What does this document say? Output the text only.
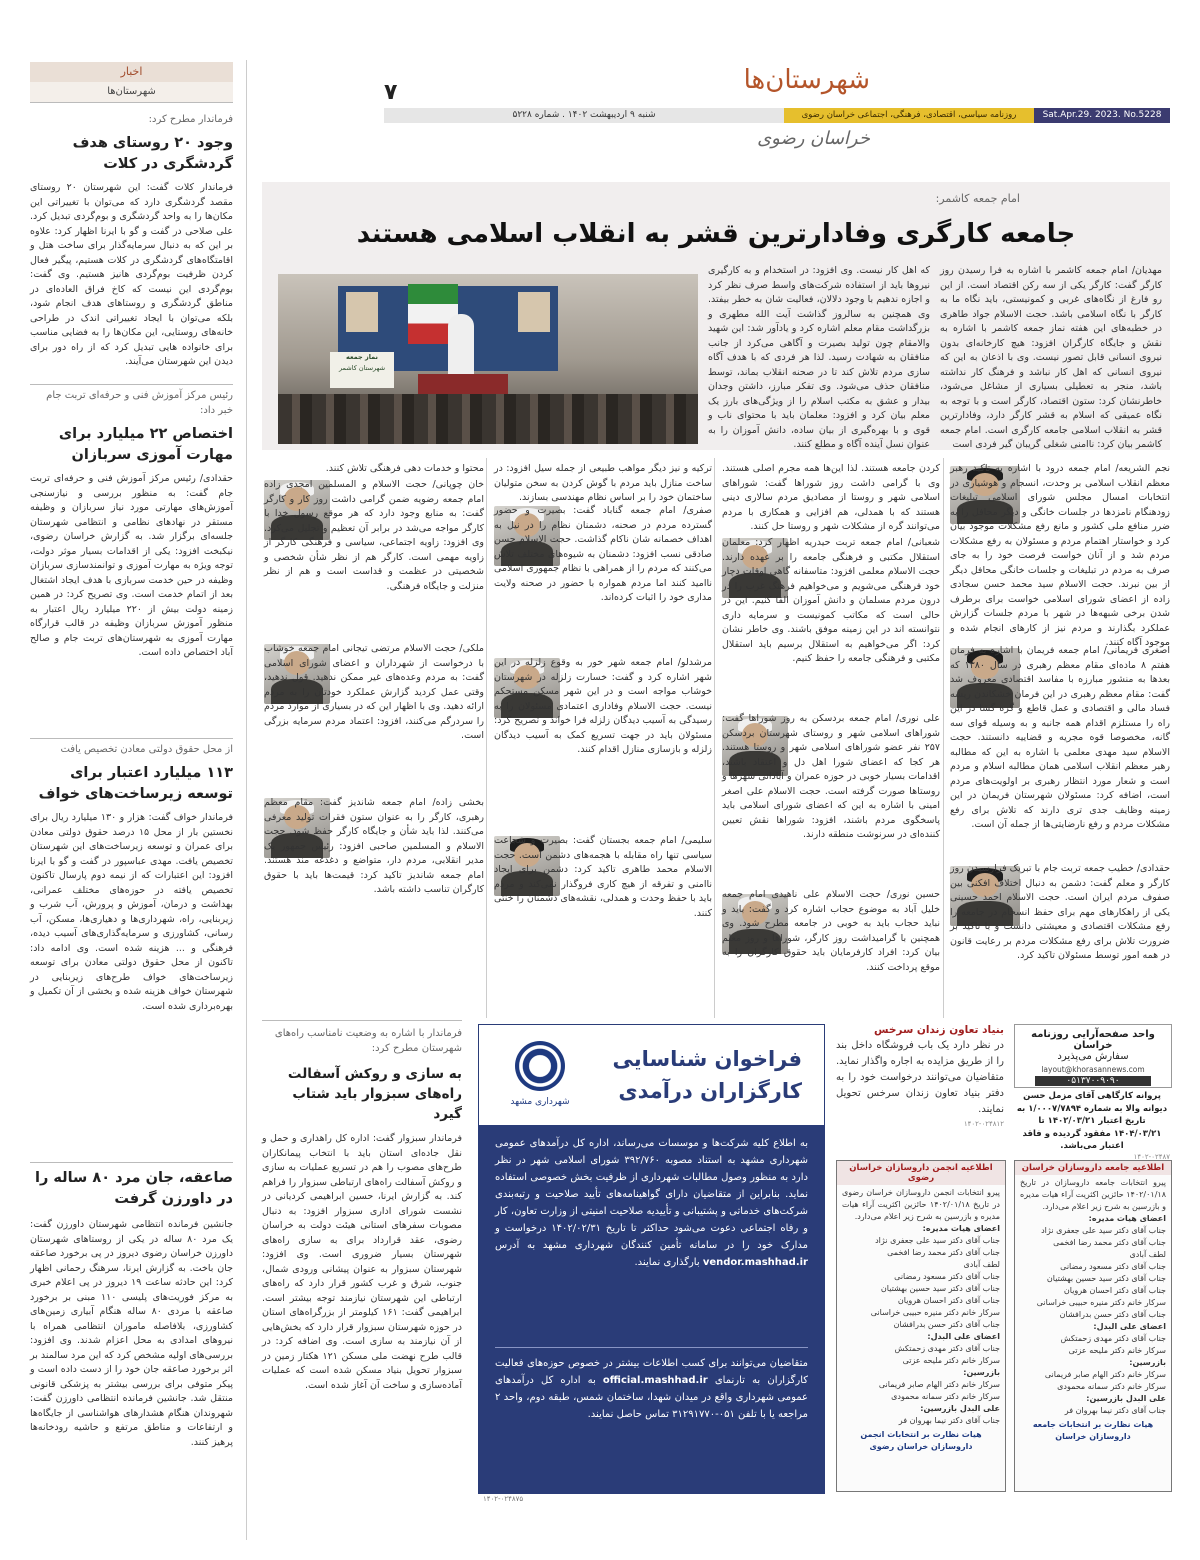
اخبار
شهرستان‌ها
فرماندار مطرح کرد:
وجود ۲۰ روستای هدف گردشگری در کلات
فرماندار کلات گفت: این شهرستان ۲۰ روستای مقصد گردشگری دارد که می‌توان با تغییراتی این مکان‌ها را به واحد گردشگری و بوم‌گردی تبدیل کرد. علی صلاحی در گفت و گو با ایرنا اظهار کرد: علاوه بر این که به دنبال سرمایه‌گذار برای ساخت هتل و اقامتگاه‌های گردشگری در کلات هستیم، پیگیر فعال کردن ظرفیت بوم‌گردی هانیز هستیم. وی گفت: بوم‌گردی این نیست که کاخ فراق العاده‌ای در مناطق گردشگری و روستاهای هدف انجام شود، بلکه می‌توان با ایجاد تغییراتی اندک در طراحی خانه‌های روستایی، این مکان‌ها را به فضایی مناسب برای خانواده هایی تبدیل کرد که از راه دور برای دیدن این شهرستان می‌آیند.
رئیس مرکز آموزش فنی و حرفه‌ای تربت جام خبر داد:
اختصاص ۲۲ میلیارد برای مهارت آموزی سربازان
حقدادی/ رئیس مرکز آموزش فنی و حرفه‌ای تربت جام گفت: به منظور بررسی و نیازسنجی آموزش‌های مهارتی مورد نیاز سربازان و وظیفه مستقر در نهادهای نظامی و انتظامی شهرستان جلسه‌ای برگزار شد. به گزارش خراسان رضوی، نیکبخت افزود: یکی از اقدامات بسیار موثر دولت، توجه ویژه به مهارت آموزی و توانمندسازی سربازان وظیفه در حین خدمت سربازی با هدف ایجاد اشتغال بعد از اتمام خدمت است. وی تصریح کرد: در همین زمینه دولت بیش از ۲۲۰ میلیارد ریال اعتبار به منظور آموزش سربازان وظیفه در قالب قرارگاه مهارت آموزی به شهرستان‌های تربت جام و صالح آباد اختصاص داده است.
از محل حقوق دولتی معادن تخصیص یافت
۱۱۳ میلیارد اعتبار برای توسعه زیرساخت‌های خواف
فرماندار خواف گفت: هزار و ۱۳۰ میلیارد ریال برای نخستین بار از محل ۱۵ درصد حقوق دولتی معادن برای عمران و توسعه زیرساخت‌های این شهرستان تخصیص یافت. مهدی عباسپور در گفت و گو با ایرنا افزود: این اعتبارات که از نیمه دوم پارسال تاکنون تخصیص یافته در حوزه‌های مختلف عمرانی، بهداشت و درمان، آموزش و پرورش، آب شرب و زیربنایی، راه، شهرداری‌ها و دهیاری‌ها، مسکن، آب رسانی، کشاورزی و سرمایه‌گذاری‌های آسیب دیده، فرهنگی و ... هزینه شده است. وی ادامه داد: تاکنون از محل حقوق دولتی معادن برای توسعه زیرساخت‌های خواف طرح‌های زیربنایی در شهرستان خواف هزینه شده و بخشی از آن تکمیل و بهره‌برداری شده است.
صاعقه، جان مرد ۸۰ ساله را در داورزن گرفت
جانشین فرمانده انتظامی شهرستان داورزن گفت: یک مرد ۸۰ ساله در یکی از روستاهای شهرستان داورزن خراسان رضوی دیروز در پی برخورد صاعقه جان باخت. به گزارش ایرنا، سرهنگ رحمانی اظهار کرد: این حادثه ساعت ۱۹ دیروز در پی اعلام خبری به مرکز فوریت‌های پلیسی ۱۱۰ مبنی بر برخورد صاعقه با مردی ۸۰ ساله هنگام آبیاری زمین‌های کشاورزی، بلافاصله ماموران انتظامی همراه با نیروهای امدادی به محل اعزام شدند. وی افزود: بررسی‌های اولیه مشخص کرد که این مرد سالمند بر اثر برخورد صاعقه جان خود را از دست داده است و پیکر متوفی برای بررسی بیشتر به پزشکی قانونی منتقل شد. جانشین فرمانده انتظامی داورزن گفت: شهروندان هنگام هشدارهای هواشناسی از جایگاه‌ها و ارتفاعات و مناطق مرتفع و حاشیه رودخانه‌ها پرهیز کنند.
شهرستان‌ها
۷
Sat.Apr.29. 2023. No.5228
روزنامه سیاسی، اقتصادی، فرهنگی، اجتماعی خراسان رضوی
شنبه ۹ اردیبهشت ۱۴۰۲ . شماره ۵۲۲۸
خراسان رضوی
امام جمعه کاشمر:
جامعه کارگری وفادارترین قشر به انقلاب اسلامی هستند
مهدیان/ امام جمعه کاشمر با اشاره به فرا رسیدن روز کارگر گفت: کارگر یکی از سه رکن اقتصاد است. از این رو فارغ از نگاه‌های غربی و کمونیستی، باید نگاه ما به کارگر با نگاه اسلامی باشد. حجت الاسلام جواد طاهری در خطبه‌های این هفته نماز جمعه کاشمر با اشاره به نقش و جایگاه کارگران افزود: هیچ کارخانه‌ای بدون نیروی انسانی قابل تصور نیست. وی با اذعان به این که نیروی انسانی که اهل کار نباشد و فرهنگ کار نداشته باشد، منجر به تعطیلی بسیاری از مشاغل می‌شود، خاطرنشان کرد: ستون اقتصاد، کارگر است و با توجه به نگاه عمیقی که اسلام به قشر کارگر دارد، وفادارترین قشر به انقلاب اسلامی جامعه کارگری است. امام جمعه کاشمر بیان کرد: ناامنی شغلی گریبان گیر فردی است
که اهل کار نیست. وی افزود: در استخدام و به کارگیری نیروها باید از استفاده شرکت‌های واسط صرف نظر کرد و اجازه ندهیم با وجود دلالان، فعالیت شان به خطر بیفتد. وی همچنین به سالروز گذاشت آیت الله مطهری و بزرگداشت مقام معلم اشاره کرد و یادآور شد: این شهید والامقام چون تولید بصیرت و آگاهی می‌کرد از جانب منافقان به شهادت رسید. لذا هر فردی که با هدف آگاه سازی مردم تلاش کند تا در صحنه انقلاب بماند، توسط منافقان حذف می‌شود. وی تفکر مبارز، داشتن وجدان بیدار و عشق به مکتب اسلام را از ویژگی‌های بارز یک معلم بیان کرد و افزود: معلمان باید با محتوای ناب و قوی و با بهره‌گیری از بیان ساده، دانش آموزان را به عنوان نسل آینده آگاه و مطلع کنند.
نماز جمعه
شهرستان کاشمر
نجم الشریعه/ امام جمعه درود با اشاره به تاکید رهبر معظم انقلاب اسلامی بر وحدت، انسجام و هوشیاری در انتخابات امسال مجلس شورای اسلامی تبلیغات زودهنگام نامزدها در جلسات خانگی و دیگر محافل را به ضرر منافع ملی کشور و مانع رفع مشکلات موجود بیان کرد و خواستار اهتمام مردم و مسئولان به رفع مشکلات مردم شد و از آنان خواست فرصت خود را به جای صرف به مردم در تبلیغات و جلسات خانگی محافل دیگر از بین نبرند. حجت الاسلام سید محمد حسن سجادی زاده از اعضای شورای اسلامی خواست برای برطرف شدن برخی شبهه‌ها در شهر با مردم جلسات گزارش عملکرد بگذارند و مردم نیز از کارهای انجام شده و موجود آگاه کنند.
اصغری فریمانی/ امام جمعه فریمان با اشاره به فرمان هفتم ۸ ماده‌ای مقام معظم رهبری در سال ۱۳۸۰ که بعدها به منشور مبارزه با مفاسد اقتصادی معروف شد گفت: مقام معظم رهبری در این فرمان خشکاندن ریشه فساد مالی و اقتصادی و عمل قاطع و گره گشا در این راه را مستلزم اقدام همه جانبه و به وسیله قوای سه گانه، مخصوصا قوه مجریه و قضاییه دانستند. حجت الاسلام سید مهدی معلمی با اشاره به این که مطالبه رهبر معظم انقلاب اسلامی همان مطالبه اسلام و مردم است و شعار مورد انتظار رهبری بر اولویت‌های مردم است، اضافه کرد: مسئولان شهرستان فریمان در این زمینه وظایف جدی تری دارند که تلاش برای رفع مشکلات مردم و رفع نارضایتی‌ها از جمله آن است.
حقدادی/ خطیب جمعه تربت جام با تبریک فرارسیدن روز کارگر و معلم گفت: دشمن به دنبال اختلاف افکنی بین صفوف مردم ایران است. حجت الاسلام احمد حسینی یکی از راهکارهای مهم برای حفظ انسجام در جامعه را رفع مشکلات اقتصادی و معیشتی دانست و با تاکید بر ضرورت تلاش برای رفع مشکلات مردم بر رعایت قانون در همه امور توسط مسئولان تاکید کرد.
کردن جامعه هستند. لذا این‌ها همه مجرم اصلی هستند. وی با گرامی داشت روز شوراها گفت: شوراهای اسلامی شهر و روستا از مصادیق مردم سالاری دینی هستند که با همدلی، هم افزایی و همکاری با مردم می‌توانند گره از مشکلات شهر و روستا حل کنند.
شعبانی/ امام جمعه تربت حیدریه اظهار کرد: معلمان استقلال مکتبی و فرهنگی جامعه را بر عهده دارند. حجت الاسلام معلمی افزود: متاسفانه گاهی اوقات دچار خود فرهنگی می‌شویم و می‌خواهیم فرهنگ غرب را در درون مردم مسلمان و دانش آموزان القا کنیم. این در حالی است که مکاتب کمونیست و سرمایه داری نتوانسته اند در این زمینه موفق باشند. وی خاطر نشان کرد: اگر می‌خواهیم به استقلال برسیم باید استقلال مکتبی و فرهنگی جامعه را حفظ کنیم.
علی نوری/ امام جمعه بردسکن به روز شوراها گفت: شوراهای اسلامی شهر و روستای شهرستان بردسکن ۲۵۷ نفر عضو شوراهای اسلامی شهر و روستا هستند. هر کجا که اعضای شورا اهل دل و اعتقاد باشند، اقدامات بسیار خوبی در حوزه عمران و آبادانی شهرها و روستاها صورت گرفته است. حجت الاسلام علی اصغر امینی با اشاره به این که اعضای شورای اسلامی باید پاسخگوی مردم باشند، افزود: شوراها نقش تعیین کننده‌ای در سرنوشت منطقه دارند.
حسین نوری/ حجت الاسلام علی ناهیدی امام جمعه خلیل آباد به موضوع حجاب اشاره کرد و گفت: باید و نباید حجاب باید به خوبی در جامعه مطرح شود. وی همچنین با گرامیداشت روز کارگر، شوراها و روز معلم بیان کرد: افراد کارفرمایان باید حقوق کارگران را به موقع پرداخت کنند.
ترکیه و نیز دیگر مواهب طبیعی از جمله سیل افزود: در ساخت منازل باید مردم با گوش کردن به سخن متولیان ساختمان خود را بر اساس نظام مهندسی بسازند.
صفری/ امام جمعه گناباد گفت: بصیرت و حضور گسترده مردم در صحنه، دشمنان نظام را در نیل به اهداف خصمانه شان ناکام گذاشت. حجت الاسلام حسن صادقی نسب افزود: دشمنان به شیوه‌های مختلف تلاش می‌کنند که مردم را از همراهی با نظام جمهوری اسلامی ناامید کنند اما مردم همواره با حضور در صحنه ولایت مداری خود را اثبات کرده‌اند.
مرشدلو/ امام جمعه شهر خور به وقوع زلزله در این شهر اشاره کرد و گفت: خسارت زلزله در شهرستان خوشاب مواجه است و در این شهر مسکن مستحکم نیست. حجت الاسلام وفاداری اعتمادی مسئولان را به رسیدگی به آسیب دیدگان زلزله فرا خواند و تصریح کرد: مسئولان باید در جهت تسریع کمک به آسیب دیدگان زلزله و بازسازی منازل اقدام کنند.
سلیمی/ امام جمعه بجستان گفت: بصیرت و شجاعت سیاسی تنها راه مقابله با هجمه‌های دشمن است. حجت الاسلام محمد طاهری تاکید کرد: دشمن برای ایجاد ناامنی و تفرقه از هیچ کاری فروگذار نمی‌کند و مردم باید با حفظ وحدت و همدلی، نقشه‌های دشمنان را خنثی کنند.
محتوا و خدمات دهی فرهنگی تلاش کنند.
خان چوپانی/ حجت الاسلام و المسلمین امجدی زاده امام جمعه رضویه ضمن گرامی داشت روز کار و کارگر گفت: به منابع وجود دارد که هر موقع رسول خدا با کارگر مواجه می‌شد در برابر آن تعظیم و تجلیل می‌کرد. وی افزود: زاویه اجتماعی، سیاسی و فرهنگی کارگر از زاویه مهمی است. کارگر هم از نظر شأن شخصی و شخصیتی در عظمت و قداست است و هم از نظر منزلت و جایگاه فرهنگی.
ملکی/ حجت الاسلام مرتضی تیجانی امام جمعه خوشاب با درخواست از شهرداران و اعضای شورای اسلامی گفت: به مردم وعده‌های غیر ممکن ندهید. قول ندهید، وقتی عمل کردید گزارش عملکرد خودتان را به مردم ارائه دهید. وی با اظهار این که در بسیاری از موارد مردم را سردرگم می‌کنند، افزود: اعتماد مردم سرمایه بزرگی است.
بخشی زاده/ امام جمعه شاندیز گفت: مقام معظم رهبری، کارگر را به عنوان ستون فقرات تولید معرفی می‌کنند. لذا باید شأن و جایگاه کارگر حفظ شود. حجت الاسلام و المسلمین صاحبی افزود: رئیس جمهور یک مدیر انقلابی، مردم دار، متواضع و دغدغه مند هستند. امام جمعه شاندیز تاکید کرد: قیمت‌ها باید با حقوق کارگران تناسب داشته باشد.
فرماندار با اشاره به وضعیت نامناسب راه‌های شهرستان مطرح کرد:
به سازی و روکش آسفالت راه‌های سبزوار باید شتاب گیرد
فرماندار سبزوار گفت: اداره کل راهداری و حمل و نقل جاده‌ای استان باید با انتخاب پیمانکاران طرح‌های مصوب را هم در تسریع عملیات به سازی و روکش آسفالت راه‌های ارتباطی سبزوار را فراهم کند. به گزارش ایرنا، حسین ابراهیمی کردیانی در نشست شورای اداری سبزوار افزود: به دنبال مصوبات سفرهای استانی هیئت دولت به خراسان رضوی، عقد قرارداد برای به سازی راه‌های شهرستان بسیار ضروری است. وی افزود: شهرستان سبزوار به عنوان پیشانی ورودی شمال، جنوب، شرق و غرب کشور قرار دارد که راه‌های ارتباطی این شهرستان نیازمند توجه بیشتر است. ابراهیمی گفت: ۱۶۱ کیلومتر از بزرگراه‌های استان در حوزه شهرستان سبزوار قرار دارد که بخش‌هایی از آن نیازمند به سازی است. وی اضافه کرد: در قالب طرح نهضت ملی مسکن ۱۲۱ هکتار زمین در سبزوار تحویل بنیاد مسکن شده است که عملیات آماده‌سازی و ساخت آن آغاز شده است.
فراخوان شناسایی
کارگزاران درآمدی
شهرداری مشهد
به اطلاع کلیه شرکت‌ها و موسسات می‌رساند، اداره کل درآمدهای عمومی شهرداری مشهد به استناد مصوبه ۳۹۲/۷۶۰ شورای اسلامی شهر در نظر دارد به منظور وصول مطالبات شهرداری از ظرفیت بخش خصوصی استفاده نماید. بنابراین از متقاضیان دارای گواهینامه‌های تأیید صلاحیت و رتبه‌بندی شرکت‌های خدماتی و پشتیبانی و تأییدیه صلاحیت امنیتی از وزارت تعاون، کار و رفاه اجتماعی دعوت می‌شود حداکثر تا تاریخ ۱۴۰۲/۰۲/۳۱ درخواست و مدارک خود را در سامانه تأمین کنندگان شهرداری مشهد به آدرس vendor.mashhad.ir بارگذاری نمایند.
متقاضیان می‌توانند برای کسب اطلاعات بیشتر در خصوص حوزه‌های فعالیت کارگزاران به تارنمای official.mashhad.ir به اداره کل درآمدهای عمومی شهرداری واقع در میدان شهدا، ساختمان شمس، طبقه دوم، واحد ۲ مراجعه یا با تلفن ۰۵۱-۳۱۲۹۱۷۷۰ تماس حاصل نمایند.
۱۴۰۲-۰۲۴۸۷۵
بنیاد تعاون زندان سرخس
در نظر دارد یک باب فروشگاه داخل بند را از طریق مزایده به اجاره واگذار نماید. متقاضیان می‌توانند درخواست خود را به دفتر بنیاد تعاون زندان سرخس تحویل نمایند.
۱۴۰۲-۰۲۴۸۱۲
واحد صفحه‌آرایی روزنامه خراسان
سفارش می‌پذیرد
layout@khorasannews.com
۰۵۱۳۷۰۰۹۰۹۰
پروانه کارگاهی آقای مزمل حسن دیوانه والا به شماره ۱/۰۰۰۷/۷۸۹۴ به تاریخ اعتبار ۱۴۰۲/۰۳/۲۱ تا ۱۴۰۴/۰۳/۲۱ مفقود گردیده و فاقد اعتبار می‌باشد.
۱۴۰۲-۰۲۴۸۷
اطلاعیه انجمن داروسازان خراسان رضوی
پیرو انتخابات انجمن داروسازان خراسان رضوی در تاریخ ۱۴۰۲/۰۱/۱۸ حائزین اکثریت آراء هیات مدیره و بازرسین به شرح زیر اعلام می‌دارد.
اعضای هیات مدیره:
جناب آقای دکتر سید علی جعفری نژاد
جناب آقای دکتر محمد رضا افخمی
لطف آبادی
جناب آقای دکتر مسعود رمضانی
جناب آقای دکتر سید حسین بهشتیان
جناب آقای دکتر احسان هرویان
سرکار خانم دکتر منیره حبیبی خراسانی
جناب آقای دکتر حسن بدرافشان
اعضای علی البدل:
جناب آقای دکتر مهدی زحمتکش
سرکار خانم دکتر ملیحه عزتی
بازرسین:
سرکار خانم دکتر الهام صابر فریمانی
سرکار خانم دکتر سمانه محمودی
علی البدل بازرسین:
جناب آقای دکتر نیما بهروان فر
هیات نظارت بر انتخابات انجمن داروسازان خراسان رضوی
اطلاعیه جامعه داروسازان خراسان
پیرو انتخابات جامعه داروسازان در تاریخ ۱۴۰۲/۰۱/۱۸ حائزین اکثریت آراء هیات مدیره و بازرسین به شرح زیر اعلام می‌دارد.
اعضای هیات مدیره:
جناب آقای دکتر سید علی جعفری نژاد
جناب آقای دکتر محمد رضا افخمی
لطف آبادی
جناب آقای دکتر مسعود رمضانی
جناب آقای دکتر سید حسین بهشتیان
جناب آقای دکتر احسان هرویان
سرکار خانم دکتر منیره حبیبی خراسانی
جناب آقای دکتر حسن بدرافشان
اعضای علی البدل:
جناب آقای دکتر مهدی زحمتکش
سرکار خانم دکتر ملیحه عزتی
بازرسین:
سرکار خانم دکتر الهام صابر فریمانی
سرکار خانم دکتر سمانه محمودی
علی البدل بازرسین:
جناب آقای دکتر نیما بهروان فر
هیات نظارت بر انتخابات جامعه داروسازان خراسان
